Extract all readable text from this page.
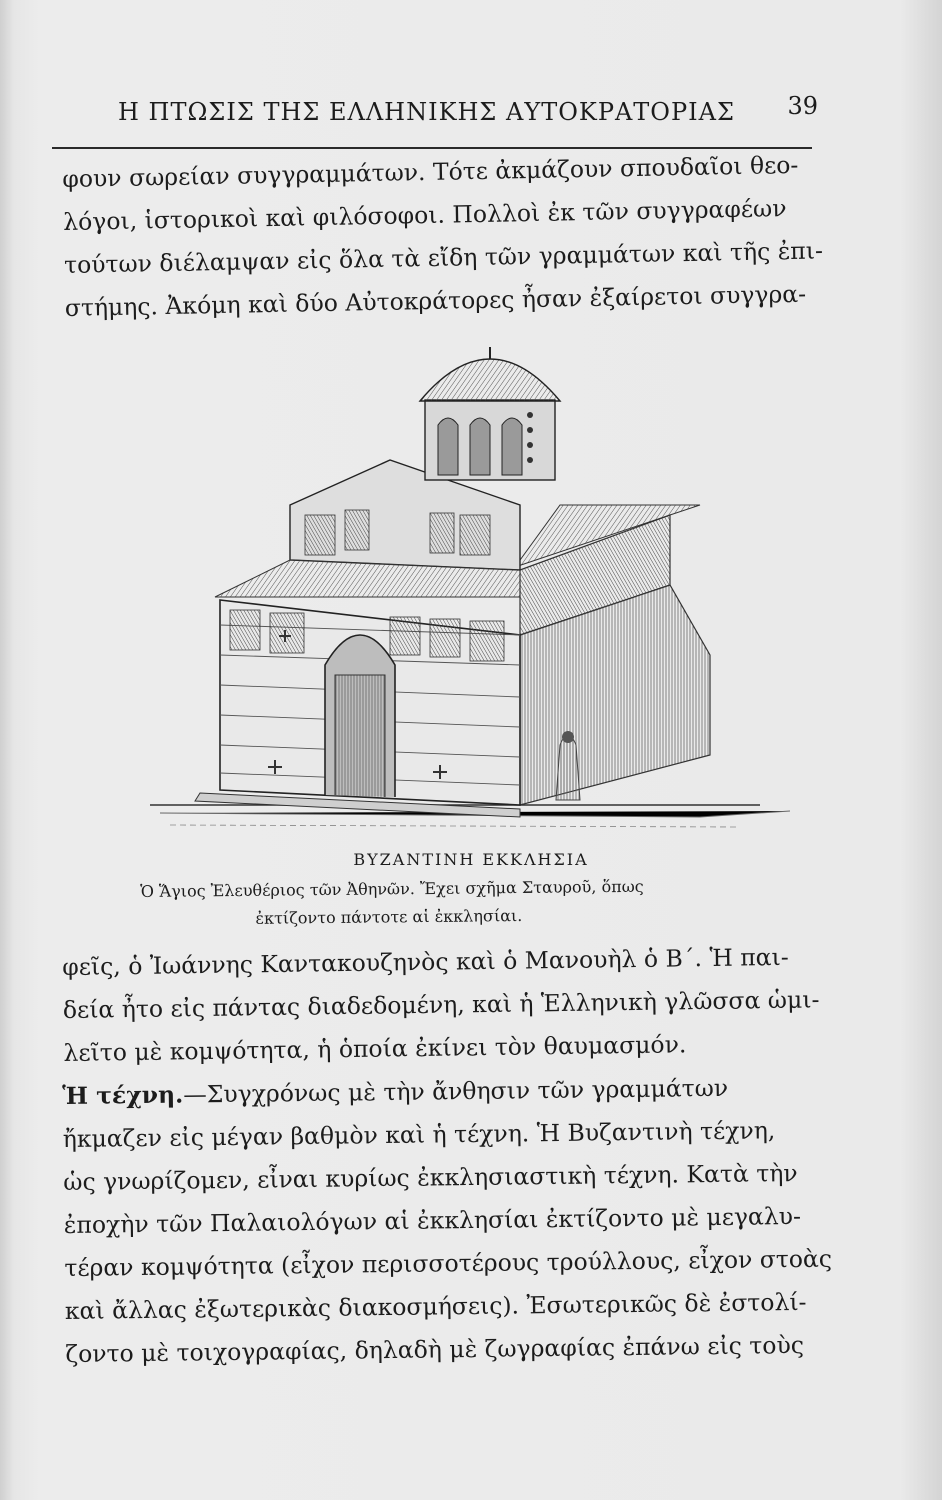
Η ΠΤΩΣΙΣ ΤΗΣ ΕΛΛΗΝΙΚΗΣ ΑΥΤΟΚΡΑΤΟΡΙΑΣ 39
φουν σωρείαν συγγραμμάτων. Τότε ἀκμάζουν σπουδαῖοι θεο-
λόγοι, ἱστορικοὶ καὶ φιλόσοφοι. Πολλοὶ ἐκ τῶν συγγραφέων
τούτων διέλαμψαν εἰς ὅλα τὰ εἴδη τῶν γραμμάτων καὶ τῆς ἐπι-
στήμης. Ἀκόμη καὶ δύο Αὐτοκράτορες ἦσαν ἐξαίρετοι συγγρα-
ΒΥΖΑΝΤΙΝΗ ΕΚΚΛΗΣΙΑ
Ὁ Ἅγιος Ἐλευθέριος τῶν Ἀθηνῶν. Ἔχει σχῆμα Σταυροῦ, ὅπως
ἐκτίζοντο πάντοτε αἱ ἐκκλησίαι.
φεῖς, ὁ Ἰωάννης Καντακουζηνὸς καὶ ὁ Μανουὴλ ὁ Β΄. Ἡ παι-
δεία ἦτο εἰς πάντας διαδεδομένη, καὶ ἡ Ἑλληνικὴ γλῶσσα ὡμι-
λεῖτο μὲ κομψότητα, ἡ ὁποία ἐκίνει τὸν θαυμασμόν.
Ἡ τέχνη.—Συγχρόνως μὲ τὴν ἄνθησιν τῶν γραμμάτων
ἤκμαζεν εἰς μέγαν βαθμὸν καὶ ἡ τέχνη. Ἡ Βυζαντινὴ τέχνη,
ὡς γνωρίζομεν, εἶναι κυρίως ἐκκλησιαστικὴ τέχνη. Κατὰ τὴν
ἐποχὴν τῶν Παλαιολόγων αἱ ἐκκλησίαι ἐκτίζοντο μὲ μεγαλυ-
τέραν κομψότητα (εἶχον περισσοτέρους τρούλλους, εἶχον στοὰς
καὶ ἄλλας ἐξωτερικὰς διακοσμήσεις). Ἐσωτερικῶς δὲ ἐστολί-
ζοντο μὲ τοιχογραφίας, δηλαδὴ μὲ ζωγραφίας ἐπάνω εἰς τοὺς
